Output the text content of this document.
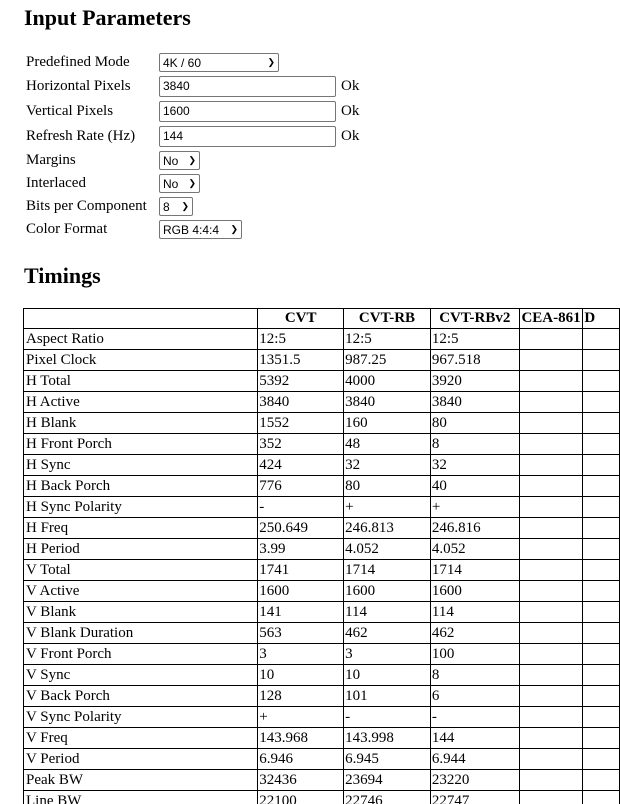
Input Parameters
Predefined Mode	4K / 60 ❯

Horizontal Pixels	3840 Ok
Vertical Pixels	1600 Ok
Refresh Rate (Hz)	144 Ok
Margins	No ❯

Interlaced	No ❯

Bits per Component	8 ❯

Color Format	RGB 4:4:4 ❯
Timings
	CVT	CVT-RB	CVT-RBv2	CEA-861	D
Aspect Ratio	12:5	12:5	12:5		
Pixel Clock	1351.5	987.25	967.518		
H Total	5392	4000	3920		
H Active	3840	3840	3840		
H Blank	1552	160	80		
H Front Porch	352	48	8		
H Sync	424	32	32		
H Back Porch	776	80	40		
H Sync Polarity	-	+	+		
H Freq	250.649	246.813	246.816		
H Period	3.99	4.052	4.052		
V Total	1741	1714	1714		
V Active	1600	1600	1600		
V Blank	141	114	114		
V Blank Duration	563	462	462		
V Front Porch	3	3	100		
V Sync	10	10	8		
V Back Porch	128	101	6		
V Sync Polarity	+	-	-		
V Freq	143.968	143.998	144		
V Period	6.946	6.945	6.944		
Peak BW	32436	23694	23220		
Line BW	22100	22746	22747		
